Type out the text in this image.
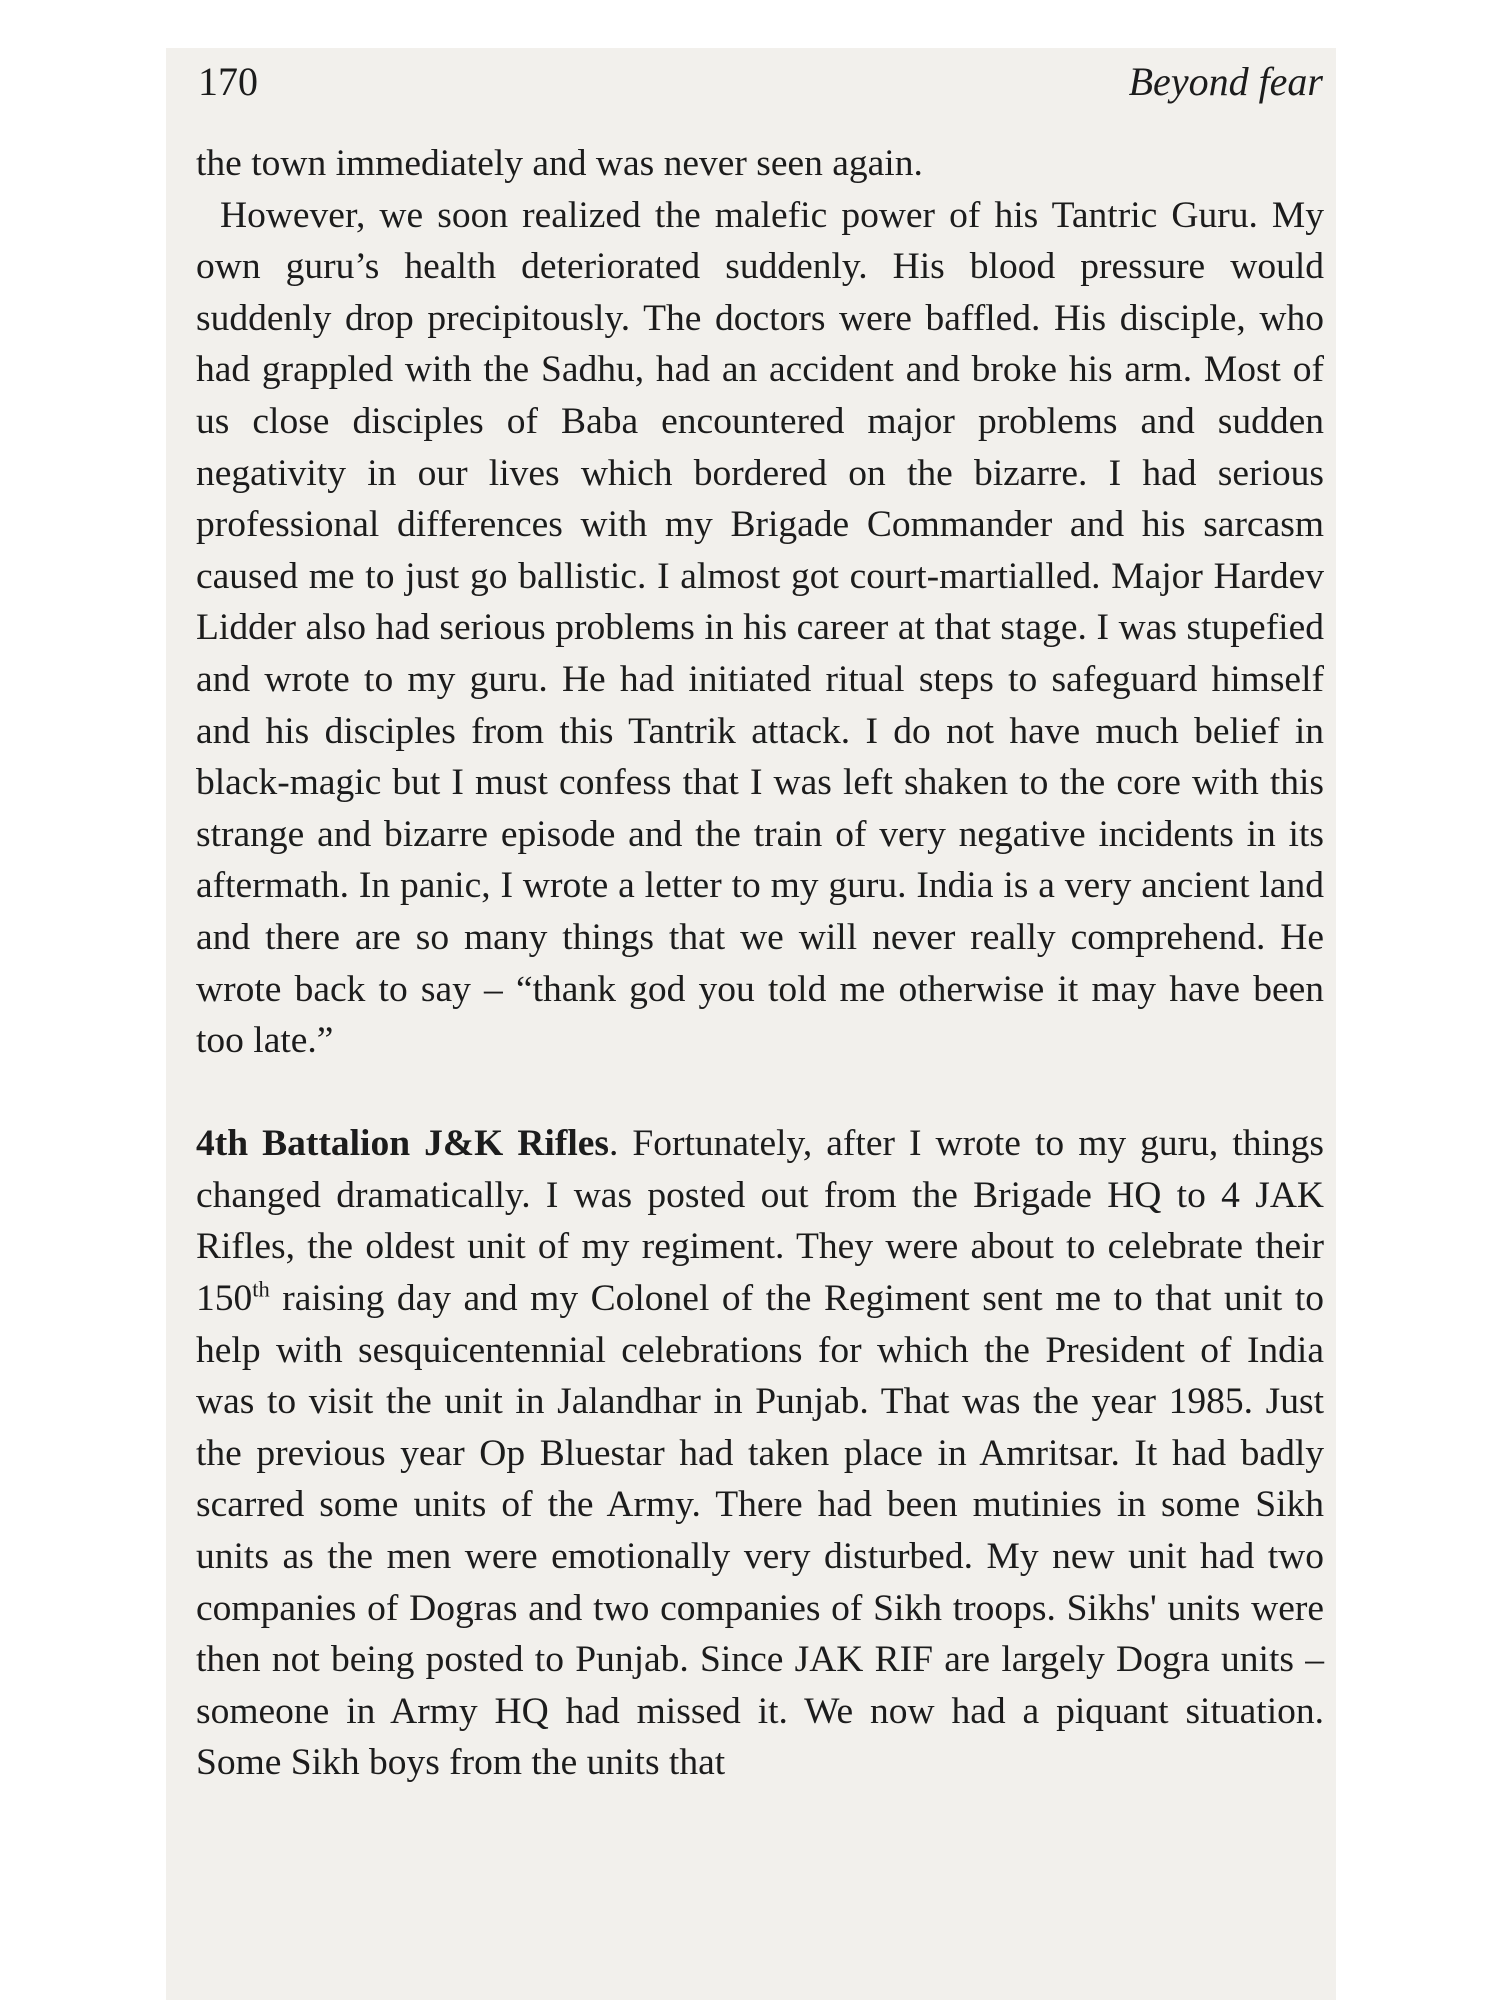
170	Beyond fear

the town immediately and was never seen again.

However, we soon realized the malefic power of his Tantric Guru. My own guru’s health deteriorated suddenly. His blood pressure would suddenly drop precipitously. The doctors were baffled. His disciple, who had grappled with the Sadhu, had an accident and broke his arm. Most of us close disciples of Baba encountered major problems and sudden negativity in our lives which bordered on the bizarre. I had serious professional differences with my Brigade Commander and his sarcasm caused me to just go ballistic. I almost got court-martialled. Major Hardev Lidder also had serious problems in his career at that stage. I was stupefied and wrote to my guru. He had initiated ritual steps to safeguard himself and his disciples from this Tantrik attack. I do not have much belief in black-magic but I must confess that I was left shaken to the core with this strange and bizarre episode and the train of very negative incidents in its aftermath. In panic, I wrote a letter to my guru. India is a very ancient land and there are so many things that we will never really comprehend. He wrote back to say – “thank god you told me otherwise it may have been too late.”

4th Battalion J&K Rifles. Fortunately, after I wrote to my guru, things changed dramatically. I was posted out from the Brigade HQ to 4 JAK Rifles, the oldest unit of my regiment. They were about to celebrate their 150th raising day and my Colonel of the Regiment sent me to that unit to help with sesquicentennial celebrations for which the President of India was to visit the unit in Jalandhar in Punjab. That was the year 1985. Just the previous year Op Bluestar had taken place in Amritsar. It had badly scarred some units of the Army. There had been mutinies in some Sikh units as the men were emotionally very disturbed. My new unit had two companies of Dogras and two companies of Sikh troops. Sikhs' units were then not being posted to Punjab. Since JAK RIF are largely Dogra units – someone in Army HQ had missed it. We now had a piquant situation. Some Sikh boys from the units that
